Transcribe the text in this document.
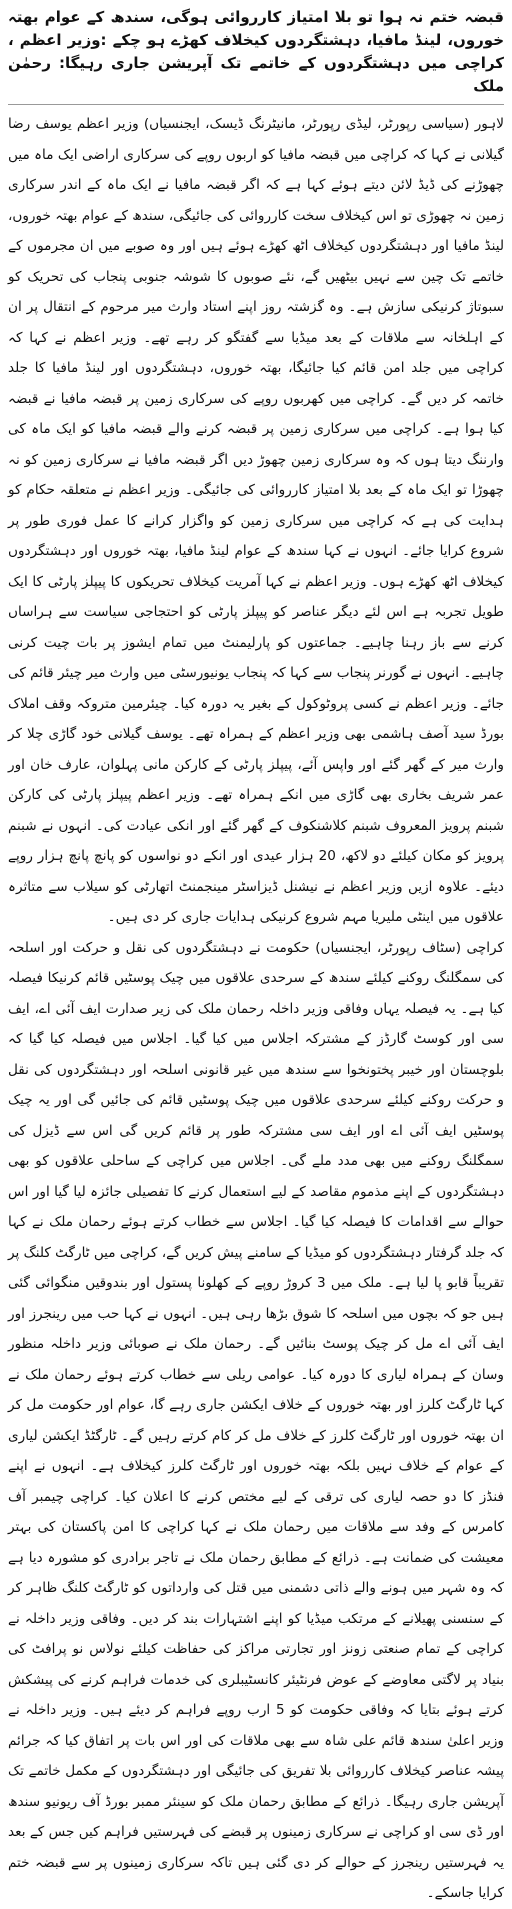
قبضہ ختم نہ ہوا تو بلا امتیاز کارروائی ہوگی، سندھ کے عوام بھتہ خوروں، لینڈ مافیا، دہشتگردوں کیخلاف کھڑے ہو چکے :وزیر اعظم ، کراچی میں دہشتگردوں کے خاتمے تک آپریشن جاری رہیگا: رحمٰن ملک

لاہور (سیاسی رپورٹر، لیڈی رپورٹر، مانیٹرنگ ڈیسک، ایجنسیاں) وزیر اعظم یوسف رضا گیلانی نے کہا کہ کراچی میں قبضہ مافیا کو اربوں روپے کی سرکاری اراضی ایک ماہ میں چھوڑنے کی ڈیڈ لائن دیتے ہوئے کہا ہے کہ اگر قبضہ مافیا نے ایک ماہ کے اندر سرکاری زمین نہ چھوڑی تو اس کیخلاف سخت کارروائی کی جائیگی، سندھ کے عوام بھتہ خوروں، لینڈ مافیا اور دہشتگردوں کیخلاف اٹھ کھڑے ہوئے ہیں اور وہ صوبے میں ان مجرموں کے خاتمے تک چین سے نہیں بیٹھیں گے، نئے صوبوں کا شوشہ جنوبی پنجاب کی تحریک کو سبوتاژ کرنیکی سازش ہے۔ وہ گزشتہ روز اپنے استاد وارث میر مرحوم کے انتقال پر ان کے اہلخانہ سے ملاقات کے بعد میڈیا سے گفتگو کر رہے تھے۔ وزیر اعظم نے کہا کہ کراچی میں جلد امن قائم کیا جائیگا، بھتہ خوروں، دہشتگردوں اور لینڈ مافیا کا جلد خاتمہ کر دیں گے۔ کراچی میں کھربوں روپے کی سرکاری زمین پر قبضہ مافیا نے قبضہ کیا ہوا ہے۔ کراچی میں سرکاری زمین پر قبضہ کرنے والے قبضہ مافیا کو ایک ماہ کی وارننگ دیتا ہوں کہ وہ سرکاری زمین چھوڑ دیں اگر قبضہ مافیا نے سرکاری زمین کو نہ چھوڑا تو ایک ماہ کے بعد بلا امتیاز کارروائی کی جائیگی۔ وزیر اعظم نے متعلقہ حکام کو ہدایت کی ہے کہ کراچی میں سرکاری زمین کو واگزار کرانے کا عمل فوری طور پر شروع کرایا جائے۔ انہوں نے کہا سندھ کے عوام لینڈ مافیا، بھتہ خوروں اور دہشتگردوں کیخلاف اٹھ کھڑے ہوں۔ وزیر اعظم نے کہا آمریت کیخلاف تحریکوں کا پیپلز پارٹی کا ایک طویل تجربہ ہے اس لئے دیگر عناصر کو پیپلز پارٹی کو احتجاجی سیاست سے ہراساں کرنے سے باز رہنا چاہیے۔ جماعتوں کو پارلیمنٹ میں تمام ایشوز پر بات چیت کرنی چاہیے۔ انہوں نے گورنر پنجاب سے کہا کہ پنجاب یونیورسٹی میں وارث میر چیئر قائم کی جائے۔ وزیر اعظم نے کسی پروٹوکول کے بغیر یہ دورہ کیا۔ چیئرمین متروکہ وقف املاک بورڈ سید آصف ہاشمی بھی وزیر اعظم کے ہمراہ تھے۔ یوسف گیلانی خود گاڑی چلا کر وارث میر کے گھر گئے اور واپس آئے، پیپلز پارٹی کے کارکن مانی پہلوان، عارف خان اور عمر شریف بخاری بھی گاڑی میں انکے ہمراہ تھے۔ وزیر اعظم پیپلز پارٹی کی کارکن شبنم پرویز المعروف شبنم کلاشنکوف کے گھر گئے اور انکی عیادت کی۔ انہوں نے شبنم پرویز کو مکان کیلئے دو لاکھ، 20 ہزار عیدی اور انکے دو نواسوں کو پانچ پانچ ہزار روپے دیئے۔ علاوہ ازیں وزیر اعظم نے نیشنل ڈیزاسٹر مینجمنٹ اتھارٹی کو سیلاب سے متاثرہ علاقوں میں اینٹی ملیریا مہم شروع کرنیکی ہدایات جاری کر دی ہیں۔

کراچی (سٹاف رپورٹر، ایجنسیاں) حکومت نے دہشتگردوں کی نقل و حرکت اور اسلحہ کی سمگلنگ روکنے کیلئے سندھ کے سرحدی علاقوں میں چیک پوسٹیں قائم کرنیکا فیصلہ کیا ہے۔ یہ فیصلہ یہاں وفاقی وزیر داخلہ رحمان ملک کی زیر صدارت ایف آئی اے، ایف سی اور کوسٹ گارڈز کے مشترکہ اجلاس میں کیا گیا۔ اجلاس میں فیصلہ کیا گیا کہ بلوچستان اور خیبر پختونخوا سے سندھ میں غیر قانونی اسلحہ اور دہشتگردوں کی نقل و حرکت روکنے کیلئے سرحدی علاقوں میں چیک پوسٹیں قائم کی جائیں گی اور یہ چیک پوسٹیں ایف آئی اے اور ایف سی مشترکہ طور پر قائم کریں گی اس سے ڈیزل کی سمگلنگ روکنے میں بھی مدد ملے گی۔ اجلاس میں کراچی کے ساحلی علاقوں کو بھی دہشتگردوں کے اپنے مذموم مقاصد کے لیے استعمال کرنے کا تفصیلی جائزہ لیا گیا اور اس حوالے سے اقدامات کا فیصلہ کیا گیا۔ اجلاس سے خطاب کرتے ہوئے رحمان ملک نے کہا کہ جلد گرفتار دہشتگردوں کو میڈیا کے سامنے پیش کریں گے، کراچی میں ٹارگٹ کلنگ پر تقریباً قابو پا لیا ہے۔ ملک میں 3 کروڑ روپے کے کھلونا پستول اور بندوقیں منگوائی گئی ہیں جو کہ بچوں میں اسلحہ کا شوق بڑھا رہی ہیں۔ انہوں نے کہا حب میں رینجرز اور ایف آئی اے مل کر چیک پوسٹ بنائیں گے۔ رحمان ملک نے صوبائی وزیر داخلہ منظور وسان کے ہمراہ لیاری کا دورہ کیا۔ عوامی ریلی سے خطاب کرتے ہوئے رحمان ملک نے کہا ٹارگٹ کلرز اور بھتہ خوروں کے خلاف ایکشن جاری رہے گا، عوام اور حکومت مل کر ان بھتہ خوروں اور ٹارگٹ کلرز کے خلاف مل کر کام کرتے رہیں گے۔ ٹارگٹڈ ایکشن لیاری کے عوام کے خلاف نہیں بلکہ بھتہ خوروں اور ٹارگٹ کلرز کیخلاف ہے۔ انہوں نے اپنے فنڈز کا دو حصہ لیاری کی ترقی کے لیے مختص کرنے کا اعلان کیا۔ کراچی چیمبر آف کامرس کے وفد سے ملاقات میں رحمان ملک نے کہا کراچی کا امن پاکستان کی بہتر معیشت کی ضمانت ہے۔ ذرائع کے مطابق رحمان ملک نے تاجر برادری کو مشورہ دیا ہے کہ وہ شہر میں ہونے والے ذاتی دشمنی میں قتل کی وارداتوں کو ٹارگٹ کلنگ ظاہر کر کے سنسنی پھیلانے کے مرتکب میڈیا کو اپنے اشتہارات بند کر دیں۔ وفاقی وزیر داخلہ نے کراچی کے تمام صنعتی زونز اور تجارتی مراکز کی حفاظت کیلئے نولاس نو پرافٹ کی بنیاد پر لاگتی معاوضے کے عوض فرنٹیئر کانسٹیبلری کی خدمات فراہم کرنے کی پیشکش کرتے ہوئے بتایا کہ وفاقی حکومت کو 5 ارب روپے فراہم کر دیئے ہیں۔ وزیر داخلہ نے وزیر اعلیٰ سندھ قائم علی شاہ سے بھی ملاقات کی اور اس بات پر اتفاق کیا کہ جرائم پیشہ عناصر کیخلاف کارروائی بلا تفریق کی جائیگی اور دہشتگردوں کے مکمل خاتمے تک آپریشن جاری رہیگا۔ ذرائع کے مطابق رحمان ملک کو سینئر ممبر بورڈ آف ریونیو سندھ اور ڈی سی او کراچی نے سرکاری زمینوں پر قبضے کی فہرستیں فراہم کیں جس کے بعد یہ فہرستیں رینجرز کے حوالے کر دی گئی ہیں تاکہ سرکاری زمینوں پر سے قبضہ ختم کرایا جاسکے۔
